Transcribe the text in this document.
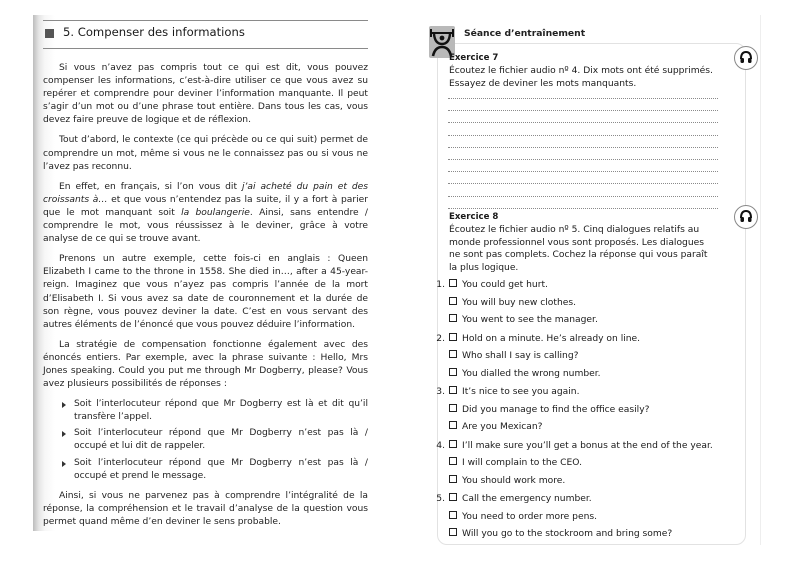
5. Compenser des informations

Si vous n’avez pas compris tout ce qui est dit, vous pouvez compenser les informations, c’est-à-dire utiliser ce que vous avez su repérer et comprendre pour deviner l’information manquante. Il peut s’agir d’un mot ou d’une phrase tout entière. Dans tous les cas, vous devez faire preuve de logique et de réflexion.

Tout d’abord, le contexte (ce qui précède ou ce qui suit) permet de comprendre un mot, même si vous ne le connaissez pas ou si vous ne l’avez pas reconnu.

En effet, en français, si l’on vous dit j’ai acheté du pain et des croissants à… et que vous n’entendez pas la suite, il y a fort à parier que le mot manquant soit la boulangerie. Ainsi, sans entendre / comprendre le mot, vous réussissez à le deviner, grâce à votre analyse de ce qui se trouve avant.

Prenons un autre exemple, cette fois-ci en anglais : Queen Elizabeth I came to the throne in 1558. She died in…, after a 45-year-reign. Imaginez que vous n’ayez pas compris l’année de la mort d’Elisabeth I. Si vous avez sa date de couronnement et la durée de son règne, vous pouvez deviner la date. C’est en vous servant des autres éléments de l’énoncé que vous pouvez déduire l’information.

La stratégie de compensation fonctionne également avec des énoncés entiers. Par exemple, avec la phrase suivante : Hello, Mrs Jones speaking. Could you put me through Mr Dogberry, please? Vous avez plusieurs possibilités de réponses :

Soit l’interlocuteur répond que Mr Dogberry est là et dit qu’il transfère l’appel.
Soit l’interlocuteur répond que Mr Dogberry n’est pas là / occupé et lui dit de rappeler.
Soit l’interlocuteur répond que Mr Dogberry n’est pas là / occupé et prend le message.

Ainsi, si vous ne parvenez pas à comprendre l’intégralité de la réponse, la compréhension et le travail d’analyse de la question vous permet quand même d’en deviner le sens probable.

Séance d’entraînement
Exercice 7
Écoutez le fichier audio nº 4. Dix mots ont été supprimés.
Essayez de deviner les mots manquants.
Exercice 8
Écoutez le fichier audio nº 5. Cinq dialogues relatifs au
monde professionnel vous sont proposés. Les dialogues
ne sont pas complets. Cochez la réponse qui vous paraît
la plus logique.
1. You could get hurt.
You will buy new clothes.
You went to see the manager.
2. Hold on a minute. He’s already on line.
Who shall I say is calling?
You dialled the wrong number.
3. It’s nice to see you again.
Did you manage to find the office easily?
Are you Mexican?
4. I’ll make sure you’ll get a bonus at the end of the year.
I will complain to the CEO.
You should work more.
5. Call the emergency number.
You need to order more pens.
Will you go to the stockroom and bring some?
